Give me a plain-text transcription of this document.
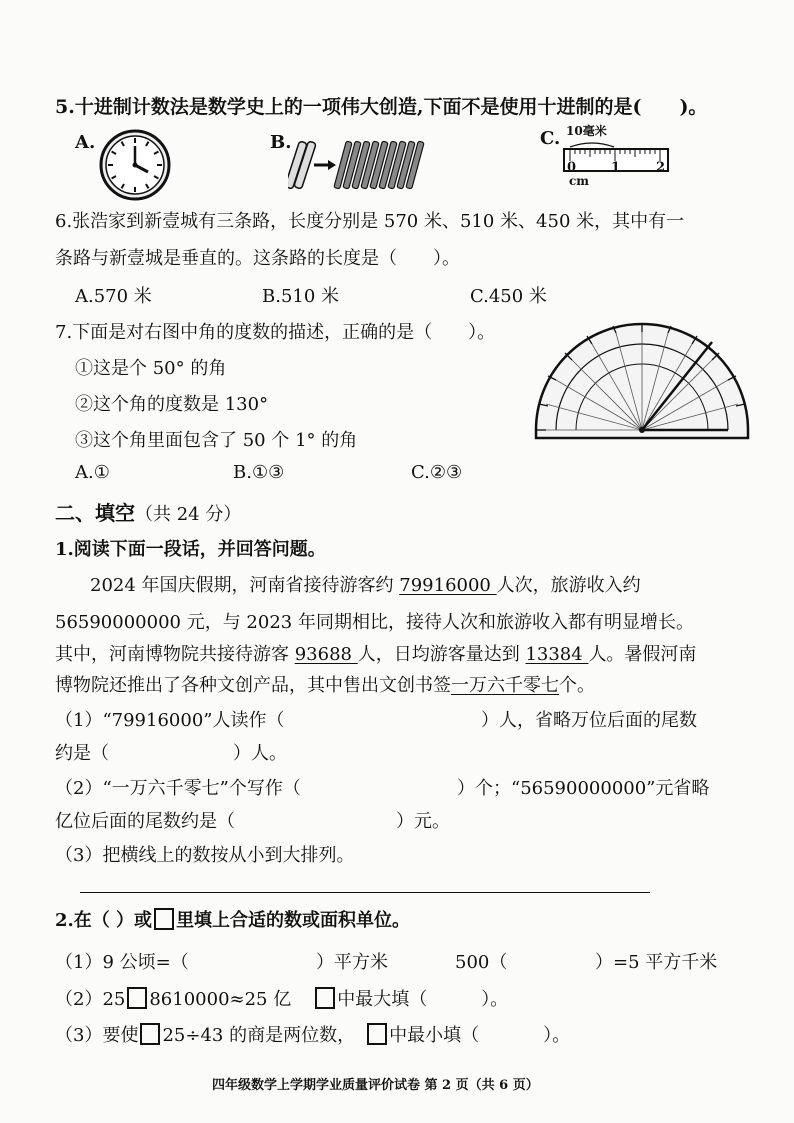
5.十进制计数法是数学史上的一项伟大创造,下面不是使用十进制的是(　　)。
A.	B.	C. 10毫米
0	1	2
cm
6.张浩家到新壹城有三条路，长度分别是 570 米、510 米、450 米，其中有一
条路与新壹城是垂直的。这条路的长度是（　　）。
A.570 米	B.510 米	C.450 米
7.下面是对右图中角的度数的描述，正确的是（　　）。
①这是个 50° 的角
②这个角的度数是 130°
③这个角里面包含了 50 个 1° 的角
A.①	B.①③	C.②③
二、填空（共 24 分）
1.阅读下面一段话，并回答问题。
2024 年国庆假期，河南省接待游客约 79916000 人次，旅游收入约
56590000000 元，与 2023 年同期相比，接待人次和旅游收入都有明显增长。
其中，河南博物院共接待游客 93688 人，日均游客量达到 13384 人。暑假河南
博物院还推出了各种文创产品，其中售出文创书签一万六千零七个。
（1）“79916000”人读作（	）人，省略万位后面的尾数
约是（	）人。
（2）“一万六千零七”个写作（	）个；“56590000000”元省略
亿位后面的尾数约是（	）元。
（3）把横线上的数按从小到大排列。
2.在（ ）或 里填上合适的数或面积单位。
（1）9 公顷=（	）平方米	500（	）=5 平方千米
（2）25 8610000≈25 亿	中最大填（	）。
（3）要使 25÷43 的商是两位数， 中最小填（	）。
四年级数学上学期学业质量评价试卷 第 2 页（共 6 页）
